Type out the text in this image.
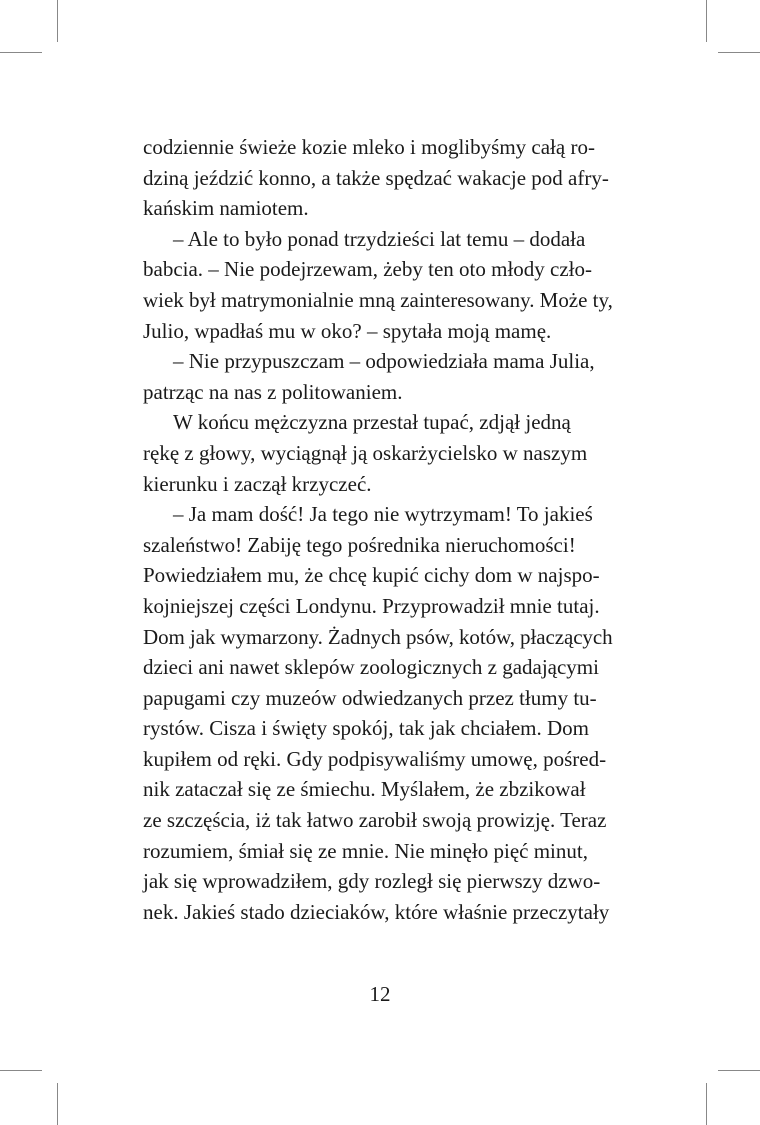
codziennie świeże kozie mleko i moglibyśmy całą ro-
dziną jeździć konno, a także spędzać wakacje pod afry-
kańskim namiotem.
– Ale to było ponad trzydzieści lat temu – dodała
babcia. – Nie podejrzewam, żeby ten oto młody czło-
wiek był matrymonialnie mną zainteresowany. Może ty,
Julio, wpadłaś mu w oko? – spytała moją mamę.
– Nie przypuszczam – odpowiedziała mama Julia,
patrząc na nas z politowaniem.
W końcu mężczyzna przestał tupać, zdjął jedną
rękę z głowy, wyciągnął ją oskarżycielsko w naszym
kierunku i zaczął krzyczeć.
– Ja mam dość! Ja tego nie wytrzymam! To jakieś
szaleństwo! Zabiję tego pośrednika nieruchomości!
Powiedziałem mu, że chcę kupić cichy dom w najspo-
kojniejszej części Londynu. Przyprowadził mnie tutaj.
Dom jak wymarzony. Żadnych psów, kotów, płaczących
dzieci ani nawet sklepów zoologicznych z gadającymi
papugami czy muzeów odwiedzanych przez tłumy tu-
rystów. Cisza i święty spokój, tak jak chciałem. Dom
kupiłem od ręki. Gdy podpisywaliśmy umowę, pośred-
nik zataczał się ze śmiechu. Myślałem, że zbzikował
ze szczęścia, iż tak łatwo zarobił swoją prowizję. Teraz
rozumiem, śmiał się ze mnie. Nie minęło pięć minut,
jak się wprowadziłem, gdy rozległ się pierwszy dzwo-
nek. Jakieś stado dzieciaków, które właśnie przeczytały
12
